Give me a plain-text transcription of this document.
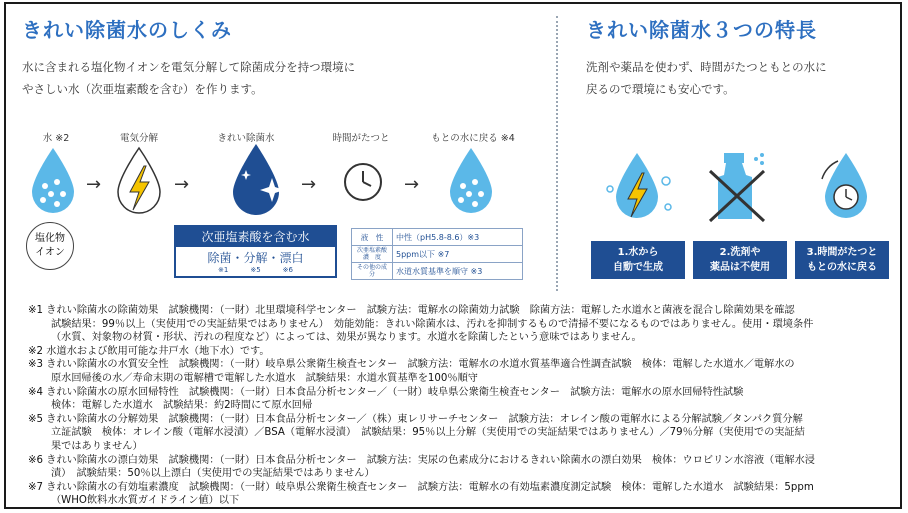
きれい除菌水のしくみ
水に含まれる塩化物イオンを電気分解して除菌成分を持つ環境に
やさしい水（次亜塩素酸を含む）を作ります。
水 ※2	電気分解	きれい除菌水	時間がたつと	もとの水に戻る ※4
塩化物
イオン
→	→	→	→
次亜塩素酸を含む水
除菌・分解・漂白
※1	※5	※6
液　性	中性（pH5.8-8.6）※3
次亜塩素酸濃　度	5ppm以下 ※7
その他の成　分	水道水質基準を順守 ※3
きれい除菌水３つの特長
洗剤や薬品を使わず、時間がたつともとの水に
戻るので環境にも安心です。
1.水から
自動で生成
2.洗剤や
薬品は不使用
3.時間がたつと
もとの水に戻る
※1 きれい除菌水の除菌効果　試験機関：（一財）北里環境科学センター　試験方法：電解水の除菌効力試験　除菌方法：電解した水道水と菌液を混合し除菌効果を確認
試験結果：99％以上（実使用での実証結果ではありません）　効能効能：きれい除菌水は、汚れを抑制するもので清掃不要になるものではありません。使用・環境条件
（水質、対象物の材質・形状、汚れの程度など）によっては、効果が異なります。水道水を除菌したという意味ではありません。
※2 水道水および飲用可能な井戸水（地下水）です。
※3 きれい除菌水の水質安全性　試験機関：（一財）岐阜県公衆衛生検査センター　試験方法：電解水の水道水質基準適合性調査試験　検体：電解した水道水／電解水の
原水回帰後の水／寿命末期の電解槽で電解した水道水　試験結果：水道水質基準を100％順守
※4 きれい除菌水の原水回帰特性　試験機関：（一財）日本食品分析センター／（一財）岐阜県公衆衛生検査センター　試験方法：電解水の原水回帰特性試験
検体：電解した水道水　試験結果：約2時間にて原水回帰
※5 きれい除菌水の分解効果　試験機関：（一財）日本食品分析センター／（株）東レリサーチセンター　試験方法：オレイン酸の電解水による分解試験／タンパク質分解
立証試験　検体：オレイン酸（電解水浸漬）／BSA（電解水浸漬）　試験結果：95％以上分解（実使用での実証結果ではありません）／79％分解（実使用での実証結
果ではありません）
※6 きれい除菌水の漂白効果　試験機関：（一財）日本食品分析センター　試験方法：実尿の色素成分におけるきれい除菌水の漂白効果　検体：ウロビリン水溶液（電解水浸
漬）　試験結果：50％以上漂白（実使用での実証結果ではありません）
※7 きれい除菌水の有効塩素濃度　試験機関：（一財）岐阜県公衆衛生検査センター　試験方法：電解水の有効塩素濃度測定試験　検体：電解した水道水　試験結果：5ppm
（WHO飲料水水質ガイドライン値）以下
